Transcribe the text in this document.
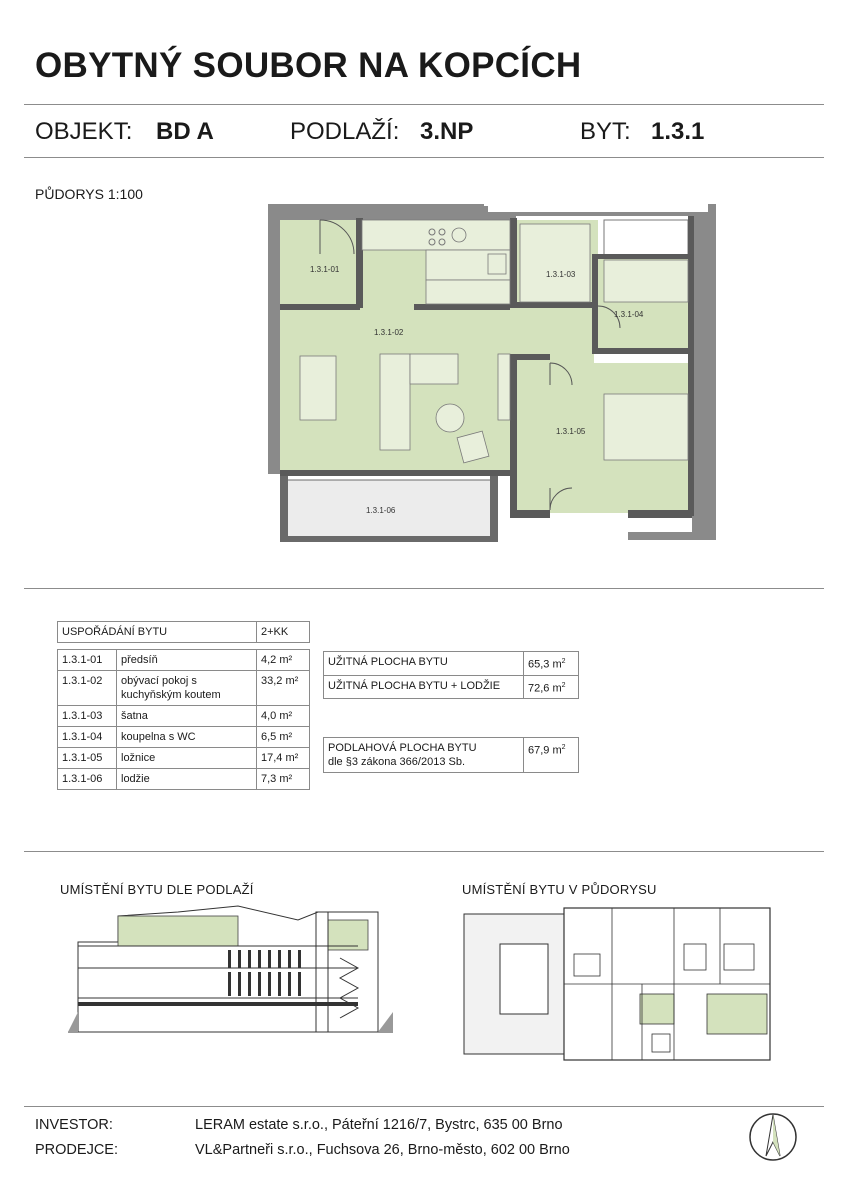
OBYTNÝ SOUBOR NA KOPCÍCH
OBJEKT: BD A	PODLAŽÍ: 3.NP	BYT: 1.3.1
PŮDORYS 1:100
1.3.1-01
1.3.1-02
1.3.1-03
1.3.1-04
1.3.1-05
1.3.1-06
USPOŘÁDÁNÍ BYTU		2+KK

1.3.1-01	předsíň	4,2 m²
1.3.1-02	obývací pokoj s kuchyňským koutem	33,2 m²
1.3.1-03	šatna	4,0 m²
1.3.1-04	koupelna s WC	6,5 m²
1.3.1-05	ložnice	17,4 m²
1.3.1-06	lodžie	7,3 m²
UŽITNÁ PLOCHA BYTU	65,3 $m^2$
UŽITNÁ PLOCHA BYTU + LODŽIE	72,6 $m^2$

PODLAHOVÁ PLOCHA BYTU
dle §3 zákona 366/2013 Sb.	67,9 $m^2$
UMÍSTĚNÍ BYTU DLE PODLAŽÍ	UMÍSTĚNÍ BYTU V PŮDORYSU
INVESTOR:	LERAM estate s.r.o., Páteřní 1216/7, Bystrc, 635 00 Brno
PRODEJCE:	VL&Partneři s.r.o., Fuchsova 26, Brno-město, 602 00 Brno
